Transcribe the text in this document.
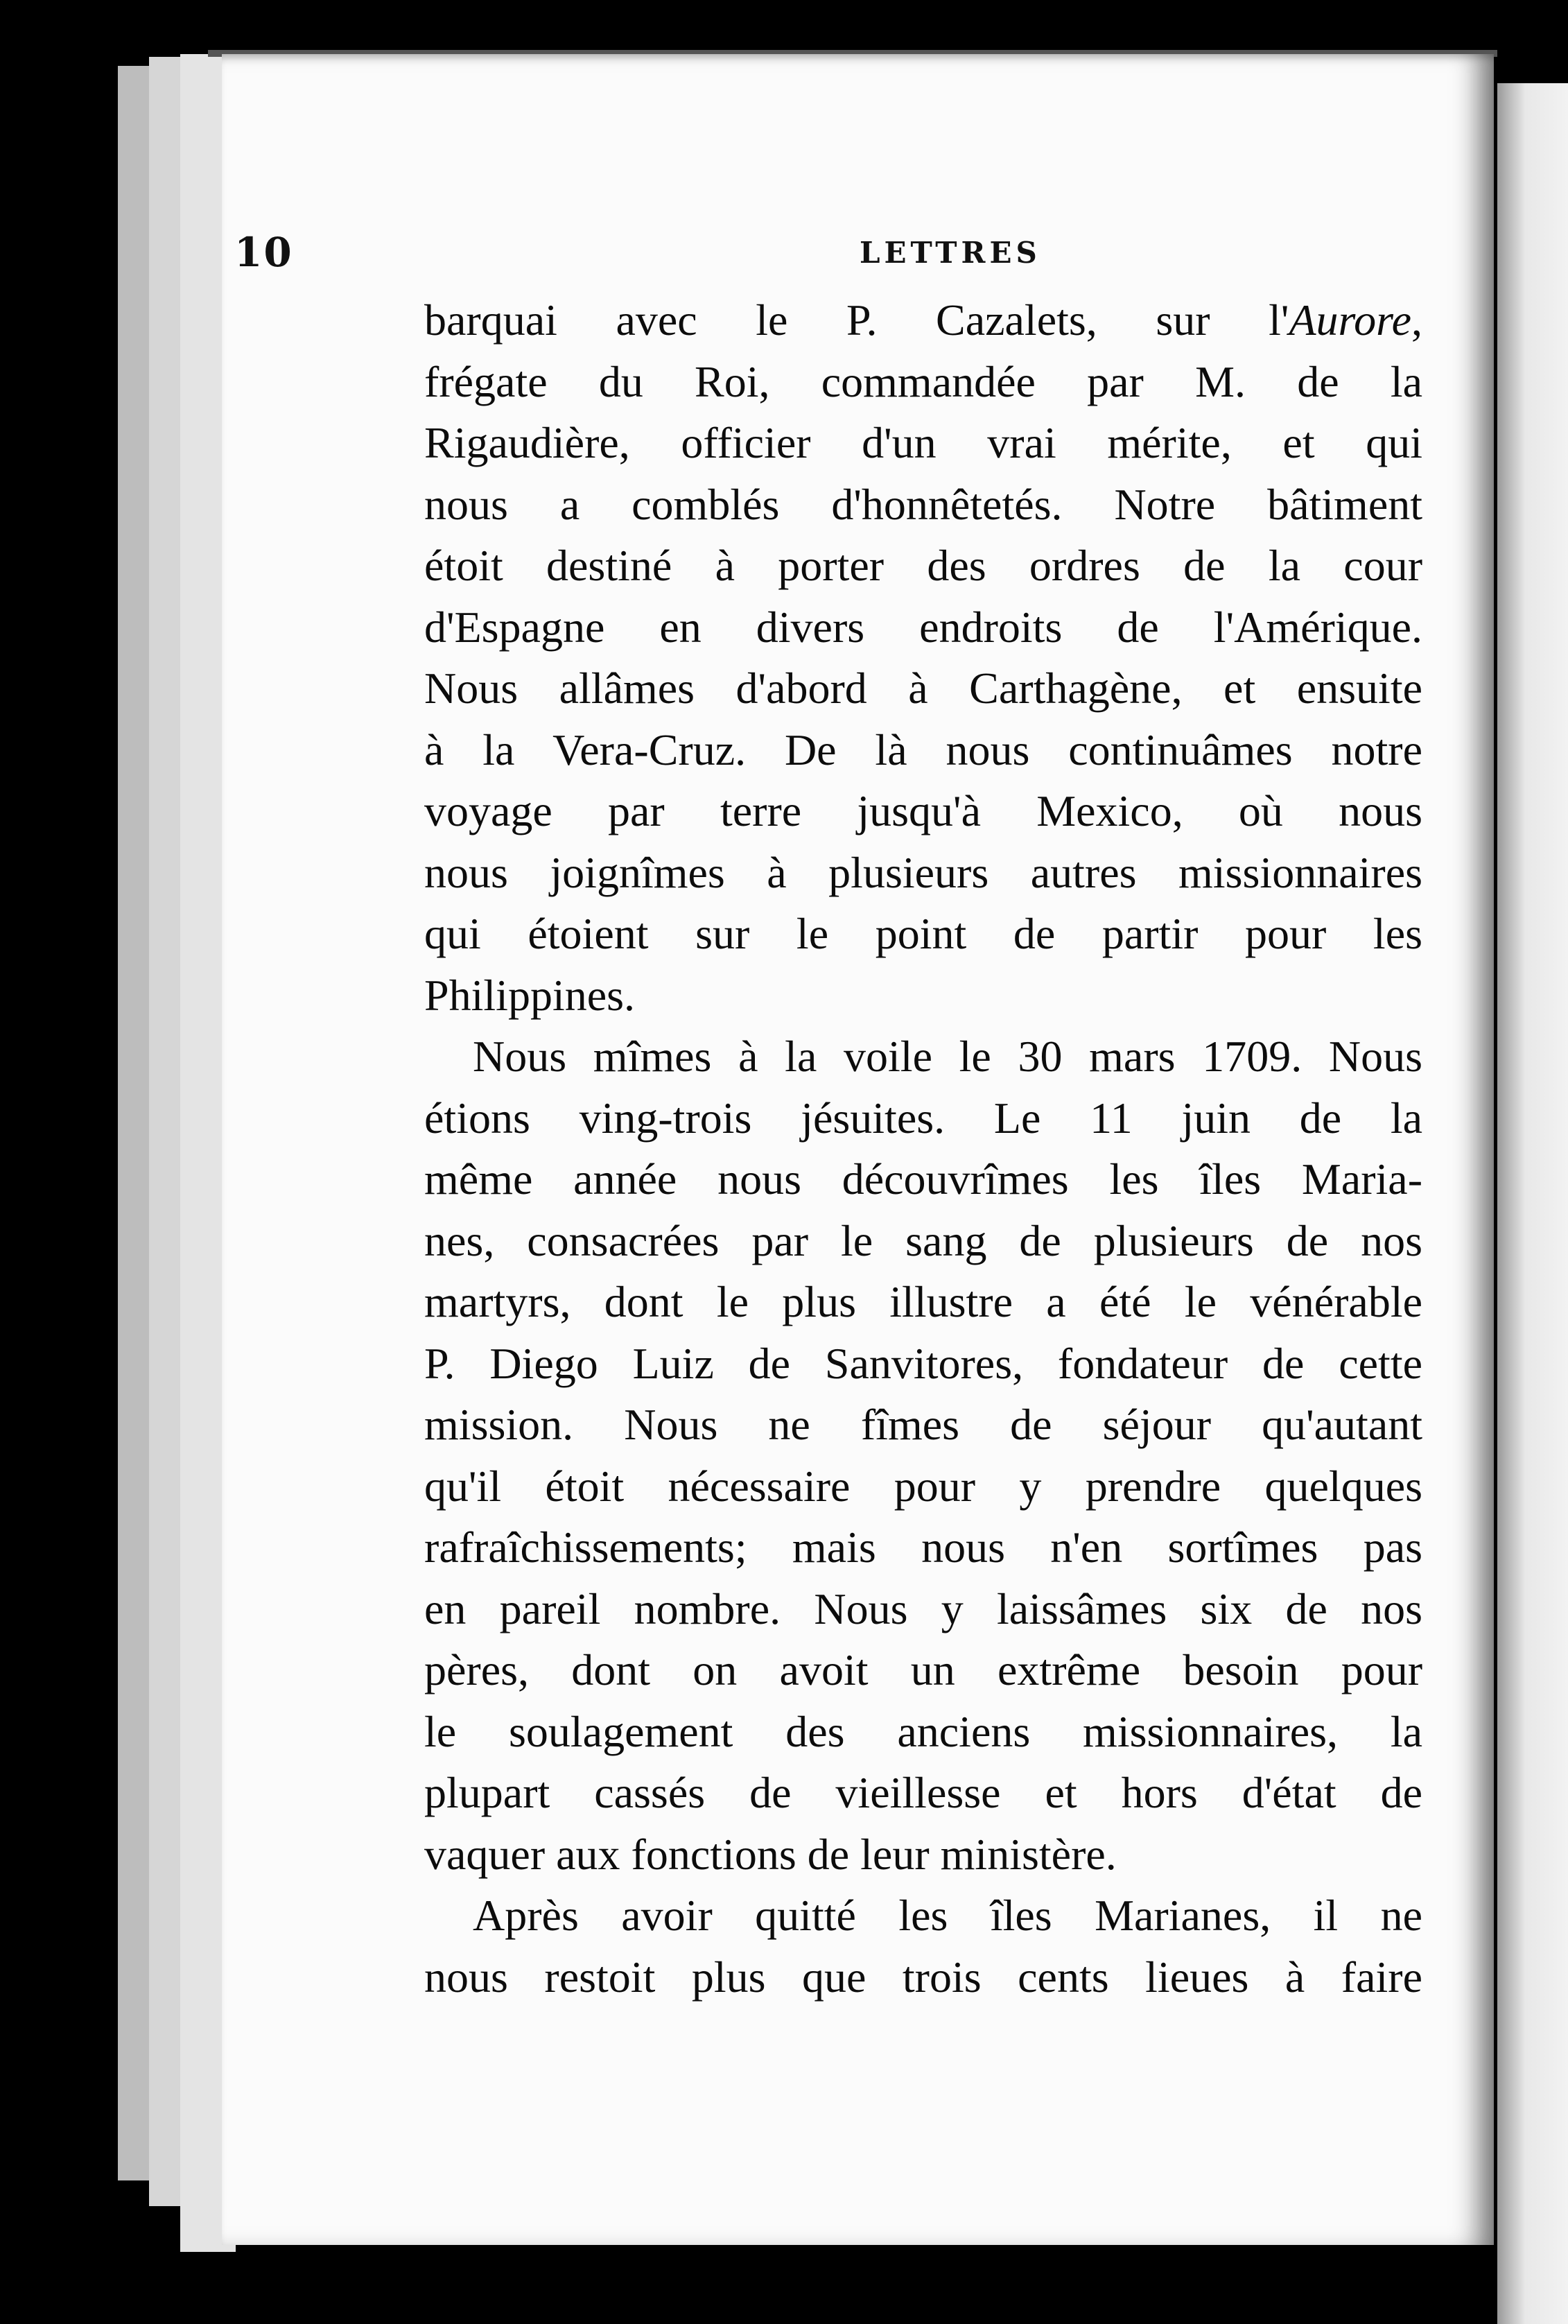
10	LETTRES
barquai avec le P. Cazalets, sur l'Aurore,
frégate du Roi, commandée par M. de la
Rigaudière, officier d'un vrai mérite, et qui
nous a comblés d'honnêtetés. Notre bâtiment
étoit destiné à porter des ordres de la cour
d'Espagne en divers endroits de l'Amérique.
Nous allâmes d'abord à Carthagène, et ensuite
à la Vera-Cruz. De là nous continuâmes notre
voyage par terre jusqu'à Mexico, où nous
nous joignîmes à plusieurs autres missionnaires
qui étoient sur le point de partir pour les
Philippines.
Nous mîmes à la voile le 30 mars 1709. Nous
étions ving-trois jésuites. Le 11 juin de la
même année nous découvrîmes les îles Maria-
nes, consacrées par le sang de plusieurs de nos
martyrs, dont le plus illustre a été le vénérable
P. Diego Luiz de Sanvitores, fondateur de cette
mission. Nous ne fîmes de séjour qu'autant
qu'il étoit nécessaire pour y prendre quelques
rafraîchissements; mais nous n'en sortîmes pas
en pareil nombre. Nous y laissâmes six de nos
pères, dont on avoit un extrême besoin pour
le soulagement des anciens missionnaires, la
plupart cassés de vieillesse et hors d'état de
vaquer aux fonctions de leur ministère.
Après avoir quitté les îles Marianes, il ne
nous restoit plus que trois cents lieues à faire
